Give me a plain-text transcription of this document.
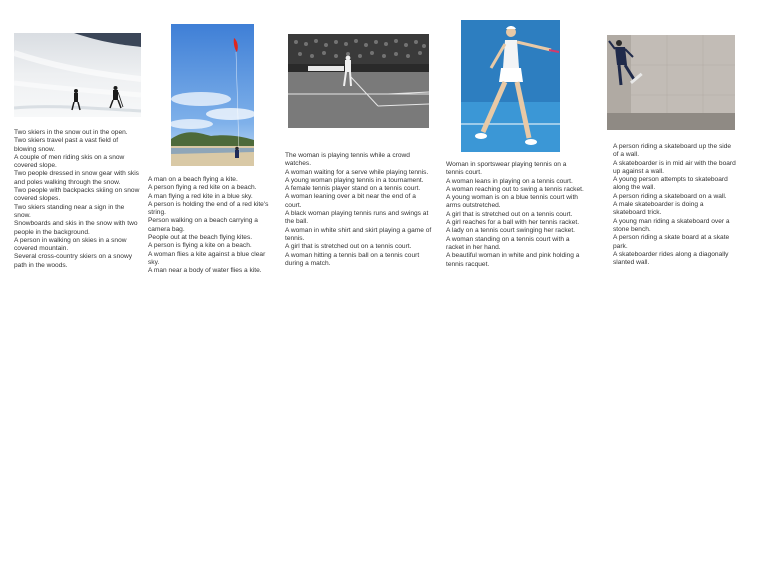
Two skiers in the snow out in the open.
Two skiers travel past a vast field of blowing snow.
A couple of men riding skis on a snow covered slope.
Two people dressed in snow gear with skis and poles walking through the snow.
Two people with backpacks skiing on snow covered slopes.
Two skiers standing near a sign in the snow.
Snowboards and skis in the snow with two people in the background.
A person in walking on skies in a snow covered mountain.
Several cross-country skiers on a snowy path in the woods.
A man on a beach flying a kite.
A person flying a red kite on a beach.
A man flying a red kite in a blue sky.
A person is holding the end of a red kite's string.
Person walking on a beach carrying a camera bag.
People out at the beach flying kites.
A person is flying a kite on a beach.
A woman flies a kite against a blue clear sky.
A man near a body of water flies a kite.
The woman is playing tennis while a crowd watches.
A woman waiting for a serve while playing tennis.
A young woman playing tennis in a tournament.
A female tennis player stand on a tennis court.
A woman leaning over a bit near the end of a court.
A black woman playing tennis runs and swings at the ball.
A woman in white shirt and skirt playing a game of tennis.
A girl that is stretched out on a tennis court.
A woman hitting a tennis ball on a tennis court during a match.
Woman in sportswear playing tennis on a tennis court.
A woman leans in playing on a tennis court.
A woman reaching out to swing a tennis racket.
A young woman is on a blue tennis court with arms outstretched.
A girl that is stretched out on a tennis court.
A girl reaches for a ball with her tennis racket.
A lady on a tennis court swinging her racket.
A woman standing on a tennis court with a racket in her hand.
A beautiful woman in white and pink holding a tennis racquet.
A person riding a skateboard up the side of a wall.
A skateboarder is in mid air with the board up against a wall.
A young person attempts to skateboard along the wall.
A person riding a skateboard on a wall.
A male skateboarder is doing a skateboard trick.
A young man riding a skateboard over a stone bench.
A person riding a skate board at a skate park.
A skateboarder rides along a diagonally slanted wall.
